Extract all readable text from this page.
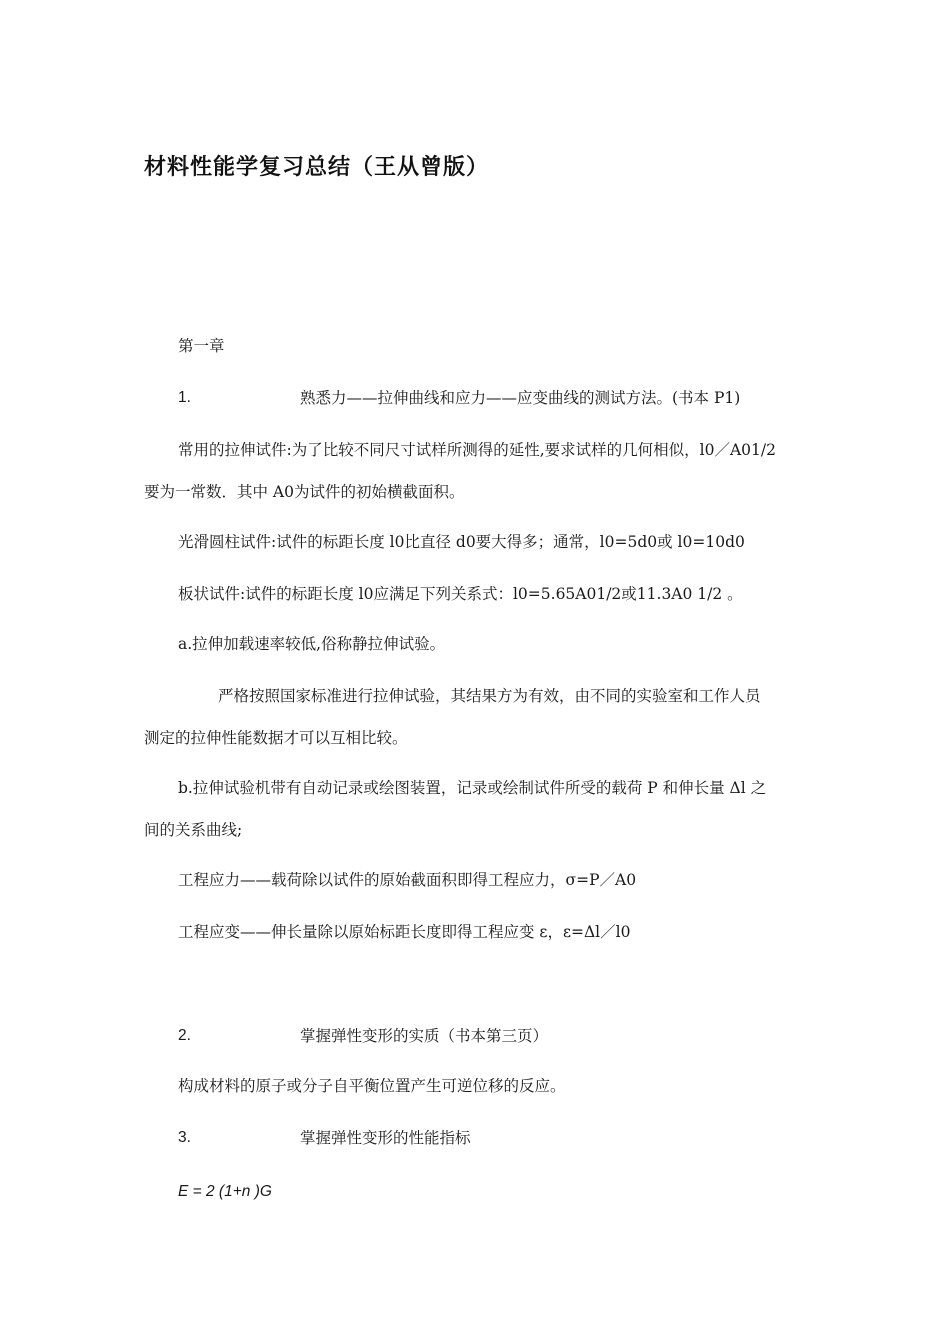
材料性能学复习总结（王从曾版）
第一章
1.	熟悉力——拉伸曲线和应力——应变曲线的测试方法。(书本 P1)
常用的拉伸试件:为了比较不同尺寸试样所测得的延性,要求试样的几何相似，l0／A01/2
要为一常数．其中 A0为试件的初始横截面积。
光滑圆柱试件:试件的标距长度 l0比直径 d0要大得多；通常，l0=5d0或 l0=10d0
板状试件:试件的标距长度 l0应满足下列关系式：l0=5.65A01/2或11.3A0 1/2 。
a.拉伸加载速率较低,俗称静拉伸试验。
严格按照国家标准进行拉伸试验，其结果方为有效，由不同的实验室和工作人员
测定的拉伸性能数据才可以互相比较。
b.拉伸试验机带有自动记录或绘图装置，记录或绘制试件所受的载荷 P 和伸长量 Δl 之
间的关系曲线;
工程应力——载荷除以试件的原始截面积即得工程应力，σ=P／A0
工程应变——伸长量除以原始标距长度即得工程应变 ε，ε=Δl／l0
2.	掌握弹性变形的实质（书本第三页）
构成材料的原子或分子自平衡位置产生可逆位移的反应。
3.	掌握弹性变形的性能指标
E = 2 (1+n )G
